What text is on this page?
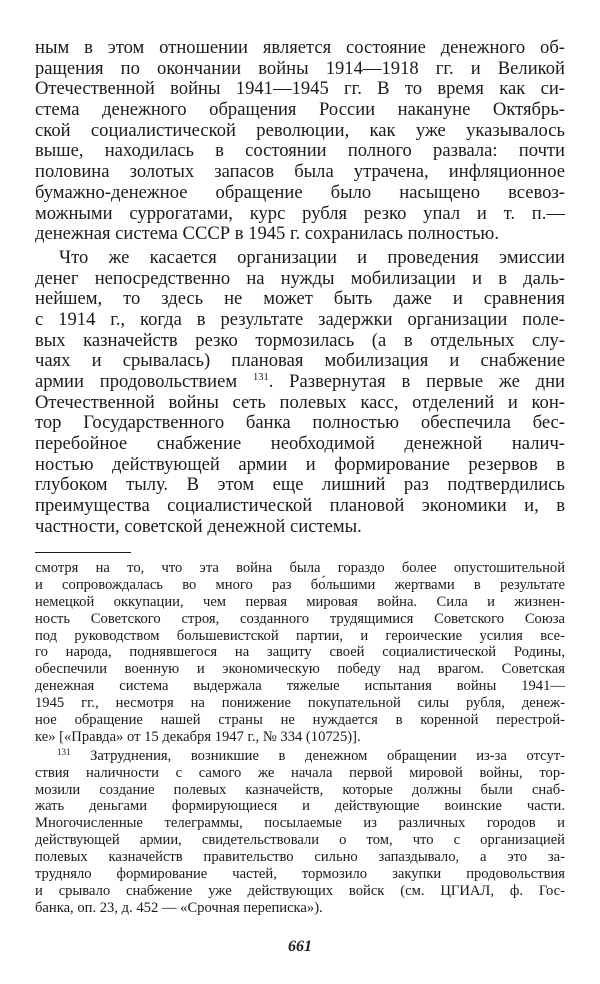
ным в этом отношении является состояние денежного об-
ращения по окончании войны 1914—1918 гг. и Великой
Отечественной войны 1941—1945 гг. В то время как си-
стема денежного обращения России накануне Октябрь-
ской социалистической революции, как уже указывалось
выше, находилась в состоянии полного развала: почти
половина золотых запасов была утрачена, инфляционное
бумажно-денежное обращение было насыщено всевоз-
можными суррогатами, курс рубля резко упал и т. п.—
денежная система СССР в 1945 г. сохранилась полностью.
Что же касается организации и проведения эмиссии
денег непосредственно на нужды мобилизации и в даль-
нейшем, то здесь не может быть даже и сравнения
с 1914 г., когда в результате задержки организации поле-
вых казначейств резко тормозилась (а в отдельных слу-
чаях и срывалась) плановая мобилизация и снабжение
армии продовольствием $^{131}$. Развернутая в первые же дни
Отечественной войны сеть полевых касс, отделений и кон-
тор Государственного банка полностью обеспечила бес-
перебойное снабжение необходимой денежной налич-
ностью действующей армии и формирование резервов в
глубоком тылу. В этом еще лишний раз подтвердились
преимущества социалистической плановой экономики и, в
частности, советской денежной системы.
смотря на то, что эта война была гораздо более опустошительной
и сопровождалась во много раз бо́льшими жертвами в результате
немецкой оккупации, чем первая мировая война. Сила и жизнен-
ность Советского строя, созданного трудящимися Советского Союза
под руководством большевистской партии, и героические усилия все-
го народа, поднявшегося на защиту своей социалистической Родины,
обеспечили военную и экономическую победу над врагом. Советская
денежная система выдержала тяжелые испытания войны 1941—
1945 гг., несмотря на понижение покупательной силы рубля, денеж-
ное обращение нашей страны не нуждается в коренной перестрой-
ке» [«Правда» от 15 декабря 1947 г., № 334 (10725)].
$^{131}$ Затруднения, возникшие в денежном обращении из-за отсут-
ствия наличности с самого же начала первой мировой войны, тор-
мозили создание полевых казначейств, которые должны были снаб-
жать деньгами формирующиеся и действующие воинские части.
Многочисленные телеграммы, посылаемые из различных городов и
действующей армии, свидетельствовали о том, что с организацией
полевых казначейств правительство сильно запаздывало, а это за-
трудняло формирование частей, тормозило закупки продовольствия
и срывало снабжение уже действующих войск (см. ЦГИАЛ, ф. Гос-
банка, оп. 23, д. 452 — «Срочная переписка»).
661
